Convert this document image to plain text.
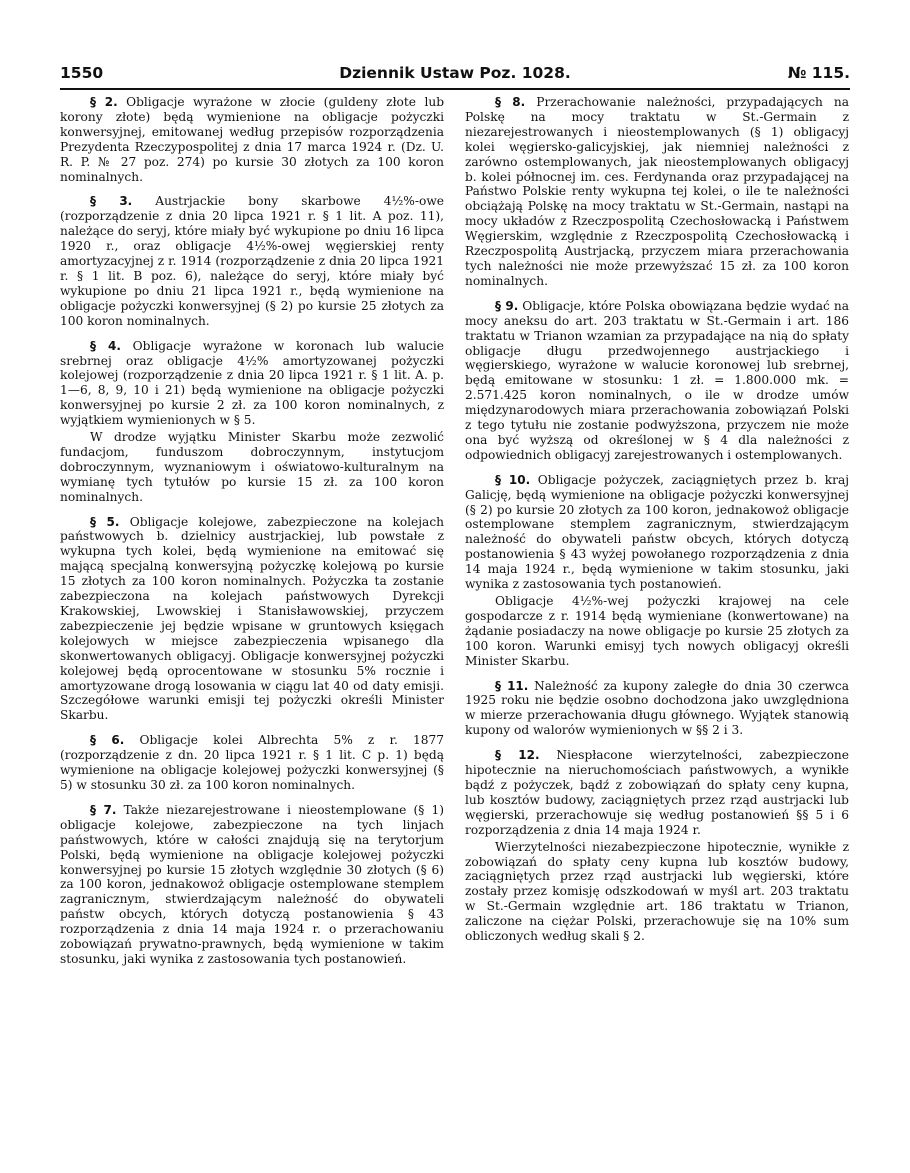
1550	Dziennik Ustaw Poz. 1028.	№ 115.

§ 2. Obligacje wyrażone w złocie (guldeny złote lub korony złote) będą wymienione na obligacje pożyczki konwersyjnej, emitowanej według przepisów rozporządzenia Prezydenta Rzeczypospolitej z dnia 17 marca 1924 r. (Dz. U. R. P. № 27 poz. 274) po kursie 30 złotych za 100 koron nominalnych.

§ 3. Austrjackie bony skarbowe 4½%-owe (rozporządzenie z dnia 20 lipca 1921 r. § 1 lit. A poz. 11), należące do seryj, które miały być wykupione po dniu 16 lipca 1920 r., oraz obligacje 4½%-owej węgierskiej renty amortyzacyjnej z r. 1914 (rozporządzenie z dnia 20 lipca 1921 r. § 1 lit. B poz. 6), należące do seryj, które miały być wykupione po dniu 21 lipca 1921 r., będą wymienione na obligacje pożyczki konwersyjnej (§ 2) po kursie 25 złotych za 100 koron nominalnych.

§ 4. Obligacje wyrażone w koronach lub walucie srebrnej oraz obligacje 4½% amortyzowanej pożyczki kolejowej (rozporządzenie z dnia 20 lipca 1921 r. § 1 lit. A. p. 1—6, 8, 9, 10 i 21) będą wymienione na obligacje pożyczki konwersyjnej po kursie 2 zł. za 100 koron nominalnych, z wyjątkiem wymienionych w § 5.

W drodze wyjątku Minister Skarbu może zezwolić fundacjom, funduszom dobroczynnym, instytucjom dobroczynnym, wyznaniowym i oświatowo-kulturalnym na wymianę tych tytułów po kursie 15 zł. za 100 koron nominalnych.

§ 5. Obligacje kolejowe, zabezpieczone na kolejach państwowych b. dzielnicy austrjackiej, lub powstałe z wykupna tych kolei, będą wymienione na emitować się mającą specjalną konwersyjną pożyczkę kolejową po kursie 15 złotych za 100 koron nominalnych. Pożyczka ta zostanie zabezpieczona na kolejach państwowych Dyrekcji Krakowskiej, Lwowskiej i Stanisławowskiej, przyczem zabezpieczenie jej będzie wpisane w gruntowych księgach kolejowych w miejsce zabezpieczenia wpisanego dla skonwertowanych obligacyj. Obligacje konwersyjnej pożyczki kolejowej będą oprocentowane w stosunku 5% rocznie i amortyzowane drogą losowania w ciągu lat 40 od daty emisji. Szczegółowe warunki emisji tej pożyczki określi Minister Skarbu.

§ 6. Obligacje kolei Albrechta 5% z r. 1877 (rozporządzenie z dn. 20 lipca 1921 r. § 1 lit. C p. 1) będą wymienione na obligacje kolejowej pożyczki konwersyjnej (§ 5) w stosunku 30 zł. za 100 koron nominalnych.

§ 7. Także niezarejestrowane i nieostemplowane (§ 1) obligacje kolejowe, zabezpieczone na tych linjach państwowych, które w całości znajdują się na terytorjum Polski, będą wymienione na obligacje kolejowej pożyczki konwersyjnej po kursie 15 złotych względnie 30 złotych (§ 6) za 100 koron, jednakowoż obligacje ostemplowane stemplem zagranicznym, stwierdzającym należność do obywateli państw obcych, których dotyczą postanowienia § 43 rozporządzenia z dnia 14 maja 1924 r. o przerachowaniu zobowiązań prywatno-prawnych, będą wymienione w takim stosunku, jaki wynika z zastosowania tych postanowień.

§ 8. Przerachowanie należności, przypadających na Polskę na mocy traktatu w St.-Germain z niezarejestrowanych i nieostemplowanych (§ 1) obligacyj kolei węgiersko-galicyjskiej, jak niemniej należności z zarówno ostemplowanych, jak nieostemplowanych obligacyj b. kolei północnej im. ces. Ferdynanda oraz przypadającej na Państwo Polskie renty wykupna tej kolei, o ile te należności obciążają Polskę na mocy traktatu w St.-Germain, nastąpi na mocy układów z Rzeczpospolitą Czechosłowacką i Państwem Węgierskim, względnie z Rzeczpospolitą Czechosłowacką i Rzeczpospolitą Austrjacką, przyczem miara przerachowania tych należności nie może przewyższać 15 zł. za 100 koron nominalnych.

§ 9. Obligacje, które Polska obowiązana będzie wydać na mocy aneksu do art. 203 traktatu w St.-Germain i art. 186 traktatu w Trianon wzamian za przypadające na nią do spłaty obligacje długu przedwojennego austrjackiego i węgierskiego, wyrażone w walucie koronowej lub srebrnej, będą emitowane w stosunku: 1 zł. = 1.800.000 mk. = 2.571.425 koron nominalnych, o ile w drodze umów międzynarodowych miara przerachowania zobowiązań Polski z tego tytułu nie zostanie podwyższona, przyczem nie może ona być wyższą od określonej w § 4 dla należności z odpowiednich obligacyj zarejestrowanych i ostemplowanych.

§ 10. Obligacje pożyczek, zaciągniętych przez b. kraj Galicję, będą wymienione na obligacje pożyczki konwersyjnej (§ 2) po kursie 20 złotych za 100 koron, jednakowoż obligacje ostemplowane stemplem zagranicznym, stwierdzającym należność do obywateli państw obcych, których dotyczą postanowienia § 43 wyżej powołanego rozporządzenia z dnia 14 maja 1924 r., będą wymienione w takim stosunku, jaki wynika z zastosowania tych postanowień.

Obligacje 4½%-wej pożyczki krajowej na cele gospodarcze z r. 1914 będą wymieniane (konwertowane) na żądanie posiadaczy na nowe obligacje po kursie 25 złotych za 100 koron. Warunki emisyj tych nowych obligacyj określi Minister Skarbu.

§ 11. Należność za kupony zaległe do dnia 30 czerwca 1925 roku nie będzie osobno dochodzona jako uwzględniona w mierze przerachowania długu głównego. Wyjątek stanowią kupony od walorów wymienionych w §§ 2 i 3.

§ 12. Niespłacone wierzytelności, zabezpieczone hipotecznie na nieruchomościach państwowych, a wynikłe bądź z pożyczek, bądź z zobowiązań do spłaty ceny kupna, lub kosztów budowy, zaciągniętych przez rząd austrjacki lub węgierski, przerachowuje się według postanowień §§ 5 i 6 rozporządzenia z dnia 14 maja 1924 r.

Wierzytelności niezabezpieczone hipotecznie, wynikłe z zobowiązań do spłaty ceny kupna lub kosztów budowy, zaciągniętych przez rząd austrjacki lub węgierski, które zostały przez komisję odszkodowań w myśl art. 203 traktatu w St.-Germain względnie art. 186 traktatu w Trianon, zaliczone na ciężar Polski, przerachowuje się na 10% sum obliczonych według skali § 2.
